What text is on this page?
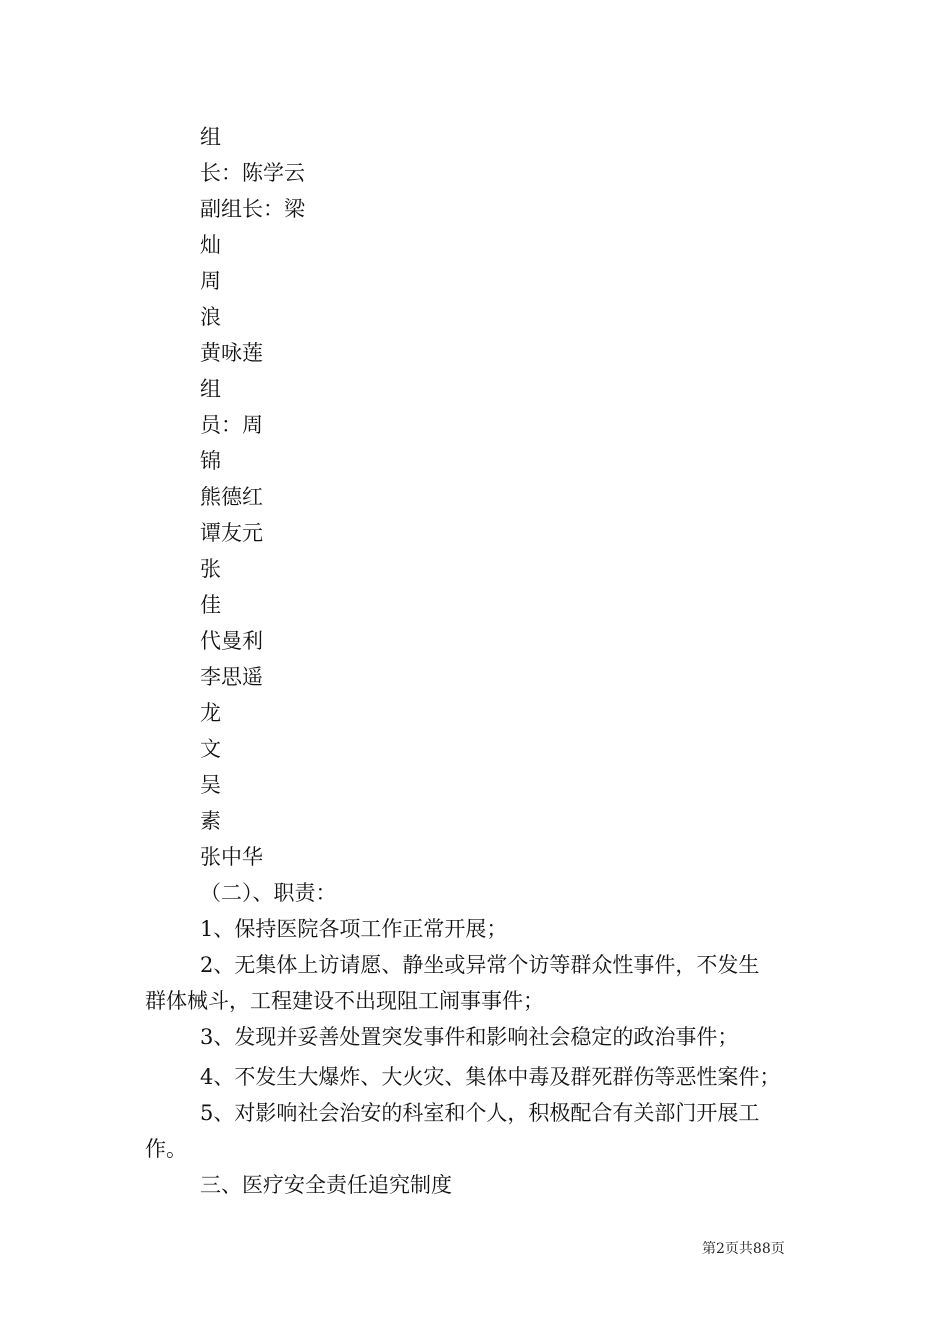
组
长：陈学云
副组长：梁
灿
周
浪
黄咏莲
组
员：周
锦
熊德红
谭友元
张
佳
代曼利
李思遥
龙
文
吴
素
张中华
（二）、职责：
1、保持医院各项工作正常开展；
2、无集体上访请愿、静坐或异常个访等群众性事件，不发生
群体械斗，工程建设不出现阻工闹事事件；
3、发现并妥善处置突发事件和影响社会稳定的政治事件；
4、不发生大爆炸、大火灾、集体中毒及群死群伤等恶性案件；
5、对影响社会治安的科室和个人，积极配合有关部门开展工
作。
三、医疗安全责任追究制度
第2页共88页
